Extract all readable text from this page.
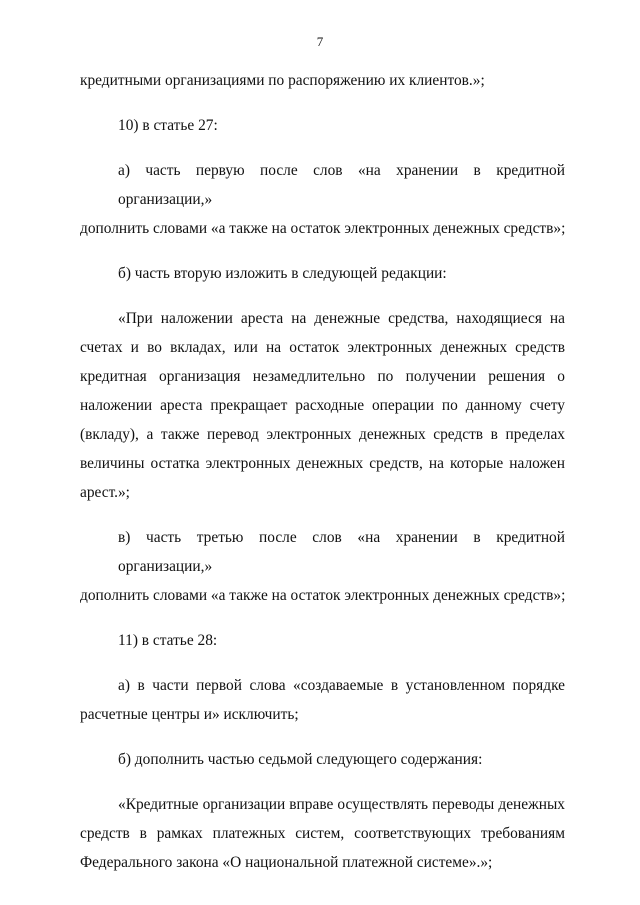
7
кредитными организациями по распоряжению их клиентов.»;
10) в статье 27:
а) часть первую после слов «на хранении в кредитной организации,»
дополнить словами «а также на остаток электронных денежных средств»;
б) часть вторую изложить в следующей редакции:
«При наложении ареста на денежные средства, находящиеся на
счетах и во вкладах, или на остаток электронных денежных средств
кредитная организация незамедлительно по получении решения о
наложении ареста прекращает расходные операции по данному счету
(вкладу), а также перевод электронных денежных средств в пределах
величины остатка электронных денежных средств, на которые наложен
арест.»;
в) часть третью после слов «на хранении в кредитной организации,»
дополнить словами «а также на остаток электронных денежных средств»;
11) в статье 28:
а) в части первой слова «создаваемые в установленном порядке
расчетные центры и» исключить;
б) дополнить частью седьмой следующего содержания:
«Кредитные организации вправе осуществлять переводы денежных
средств в рамках платежных систем, соответствующих требованиям
Федерального закона «О национальной платежной системе».»;
